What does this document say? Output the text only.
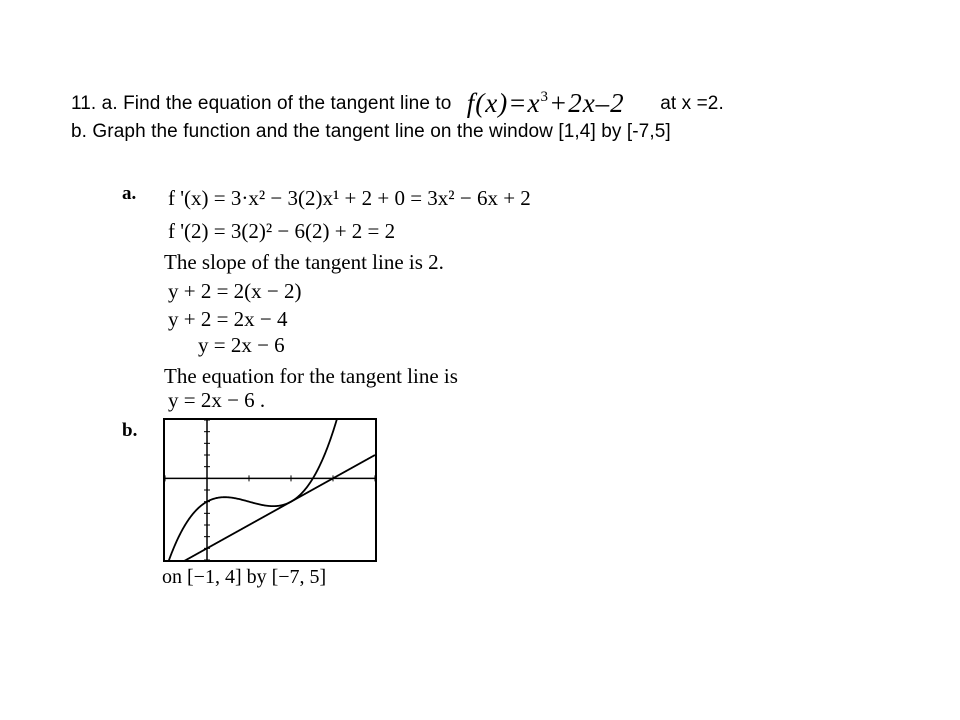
11. a. Find the equation of the tangent line to $f(x)=x^3+2x-2$ at x =2.
b. Graph the function and the tangent line on the window [1,4] by [-7,5]
a. f '(x) = 3·x² − 3(2)x¹ + 2 + 0 = 3x² − 6x + 2
f '(2) = 3(2)² − 6(2) + 2 = 2
The slope of the tangent line is 2.
y + 2 = 2(x − 2)
y + 2 = 2x − 4
y = 2x − 6
The equation for the tangent line is
y = 2x − 6 .
b.
on [−1, 4] by [−7, 5]
